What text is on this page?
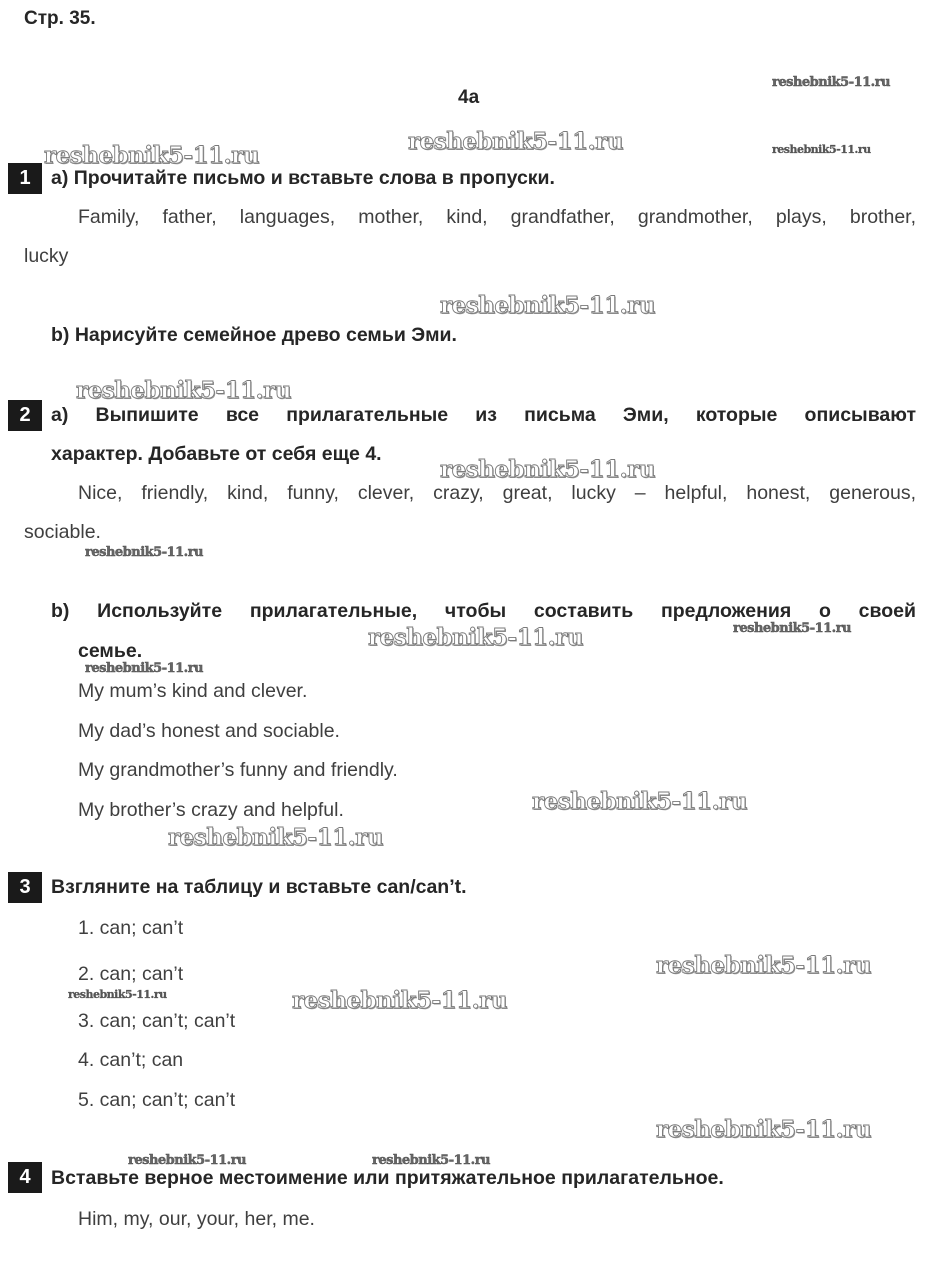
Стр. 35.
4a
reshebnik5-11.ru
reshebnik5-11.ru
reshebnik5-11.ru	reshebnik5-11.ru
1	a) Прочитайте письмо и вставьте слова в пропуски.
Family, father, languages, mother, kind, grandfather, grandmother, plays, brother,
lucky
reshebnik5-11.ru
b) Нарисуйте семейное древо семьи Эми.
reshebnik5-11.ru
2	a) Выпишите все прилагательные из письма Эми, которые описывают
характер. Добавьте от себя еще 4.
reshebnik5-11.ru
Nice, friendly, kind, funny, clever, crazy, great, lucky – helpful, honest, generous,
sociable.
reshebnik5-11.ru
b) Используйте прилагательные, чтобы составить предложения о своей
семье.	reshebnik5-11.ru	reshebnik5-11.ru
reshebnik5-11.ru
My mum’s kind and clever.
My dad’s honest and sociable.
My grandmother’s funny and friendly.
My brother’s crazy and helpful.	reshebnik5-11.ru
reshebnik5-11.ru
3	Взгляните на таблицу и вставьте can/can’t.
1. can; can’t
2. can; can’t	reshebnik5-11.ru
reshebnik5-11.ru	reshebnik5-11.ru
3. can; can’t; can’t
4. can’t; can
5. can; can’t; can’t
reshebnik5-11.ru
reshebnik5-11.ru	reshebnik5-11.ru
4	Вставьте верное местоимение или притяжательное прилагательное.
Him, my, our, your, her, me.
